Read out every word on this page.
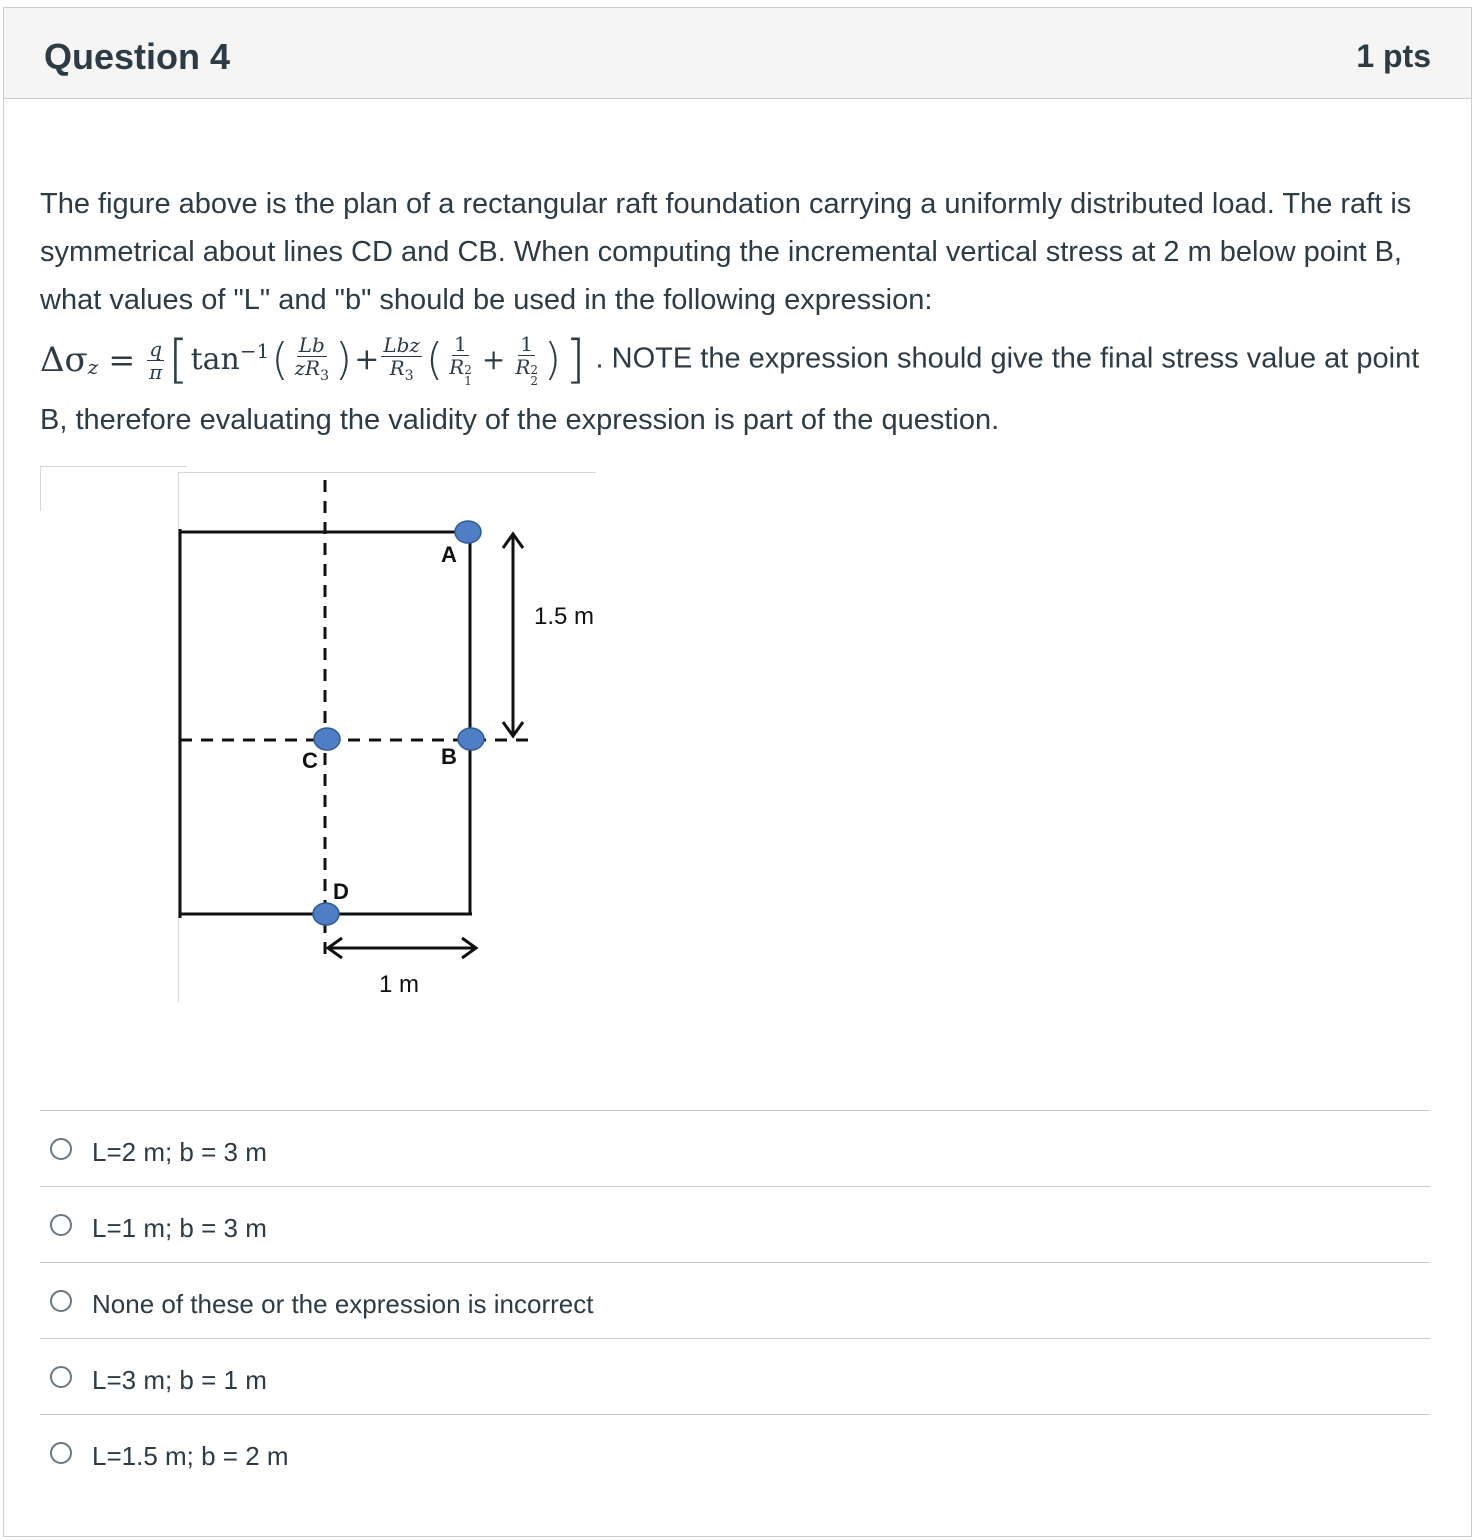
Question 4	1 pts

The figure above is the plan of a rectangular raft foundation carrying a uniformly distributed load. The raft is symmetrical about lines CD and CB. When computing the incremental vertical stress at 2 m below point B, what values of "L" and "b" should be used in the following expression:
$\Delta\sigma_z = \frac{q}{\pi}$ [ $\tan^{-1}$ ( $\frac{Lb}{zR_3}$ ) + $\frac{\text{Lbz}}{R_3}$ ( 1
R 2
1 + 1
R 2
2 ) ] . NOTE the expression should give the final stress value at point B, therefore evaluating the validity of the expression is part of the question.

A
B
C
D
1.5 m
1 m
L=2 m; b = 3 m
L=1 m; b = 3 m
None of these or the expression is incorrect
L=3 m; b = 1 m
L=1.5 m; b = 2 m
